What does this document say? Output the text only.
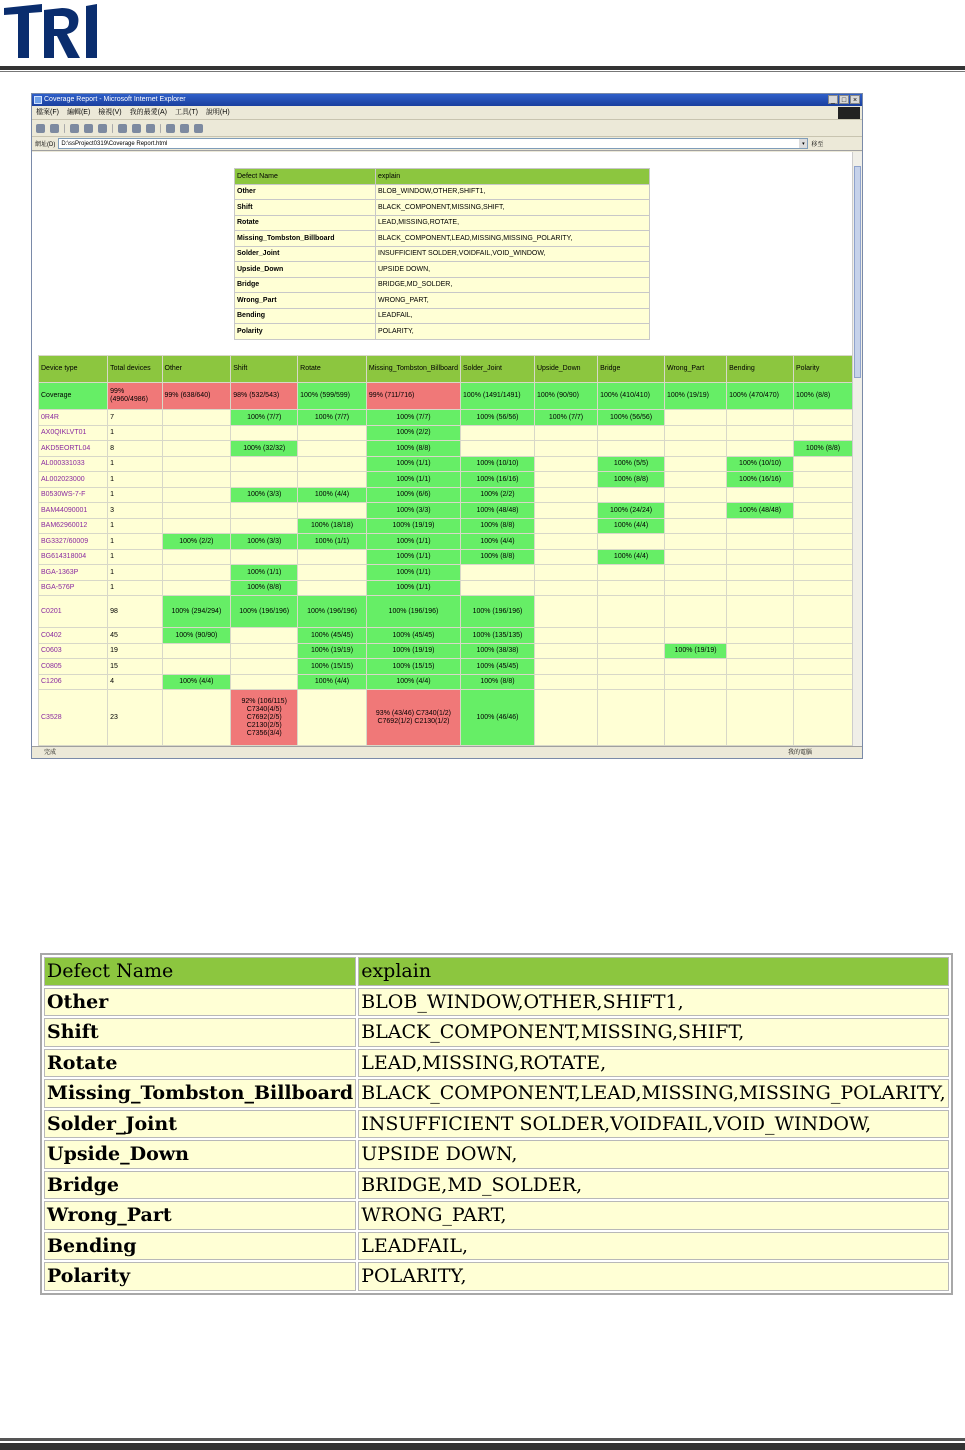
Coverage Report - Microsoft Internet Explorer	_ □ ×
檔案(F) 編輯(E) 檢視(V) 我的最愛(A) 工具(T) 說明(H)
網址(D)	D:\ssProject0319\Coverage Report.html	▾	移至
Defect Name	explain
Other	BLOB_WINDOW,OTHER,SHIFT1,
Shift	BLACK_COMPONENT,MISSING,SHIFT,
Rotate	LEAD,MISSING,ROTATE,
Missing_Tombston_Billboard	BLACK_COMPONENT,LEAD,MISSING,MISSING_POLARITY,
Solder_Joint	INSUFFICIENT SOLDER,VOIDFAIL,VOID_WINDOW,
Upside_Down	UPSIDE DOWN,
Bridge	BRIDGE,MD_SOLDER,
Wrong_Part	WRONG_PART,
Bending	LEADFAIL,
Polarity	POLARITY,
Device type	Total devices	Other	Shift	Rotate	Missing_Tombston_Billboard	Solder_Joint	Upside_Down	Bridge	Wrong_Part	Bending	Polarity
Coverage	99% (4960/4986)	99% (638/640)	98% (532/543)	100% (599/599)	99% (711/716)	100% (1491/1491)	100% (90/90)	100% (410/410)	100% (19/19)	100% (470/470)	100% (8/8)
0R4R	7		100% (7/7)	100% (7/7)	100% (7/7)	100% (56/56)	100% (7/7)	100% (56/56)			
AX0QIKLVT01	1				100% (2/2)						
AKD5EORTL04	8		100% (32/32)		100% (8/8)						100% (8/8)
AL000331033	1				100% (1/1)	100% (10/10)		100% (5/5)		100% (10/10)	
AL002023000	1				100% (1/1)	100% (16/16)		100% (8/8)		100% (16/16)	
B0530WS-7-F	1		100% (3/3)	100% (4/4)	100% (6/6)	100% (2/2)					
BAM44090001	3				100% (3/3)	100% (48/48)		100% (24/24)		100% (48/48)	
BAM62960012	1			100% (18/18)	100% (19/19)	100% (8/8)		100% (4/4)			
BG3327/60009	1	100% (2/2)	100% (3/3)	100% (1/1)	100% (1/1)	100% (4/4)					
BG614318004	1				100% (1/1)	100% (8/8)		100% (4/4)			
BGA-1363P	1		100% (1/1)		100% (1/1)						
BGA-576P	1		100% (8/8)		100% (1/1)						
C0201	98	100% (294/294)	100% (196/196)	100% (196/196)	100% (196/196)	100% (196/196)					
C0402	45	100% (90/90)		100% (45/45)	100% (45/45)	100% (135/135)					
C0603	19			100% (19/19)	100% (19/19)	100% (38/38)			100% (19/19)		
C0805	15			100% (15/15)	100% (15/15)	100% (45/45)					
C1206	4	100% (4/4)		100% (4/4)	100% (4/4)	100% (8/8)					
C3528	23		92% (106/115) C7340(4/5) C7692(2/5) C2130(2/5) C7356(3/4)		93% (43/46) C7340(1/2) C7692(1/2) C2130(1/2)	100% (46/46)					
完成	我的電腦
Defect Name	explain
Other	BLOB_WINDOW,OTHER,SHIFT1,
Shift	BLACK_COMPONENT,MISSING,SHIFT,
Rotate	LEAD,MISSING,ROTATE,
Missing_Tombston_Billboard	BLACK_COMPONENT,LEAD,MISSING,MISSING_POLARITY,
Solder_Joint	INSUFFICIENT SOLDER,VOIDFAIL,VOID_WINDOW,
Upside_Down	UPSIDE DOWN,
Bridge	BRIDGE,MD_SOLDER,
Wrong_Part	WRONG_PART,
Bending	LEADFAIL,
Polarity	POLARITY,
